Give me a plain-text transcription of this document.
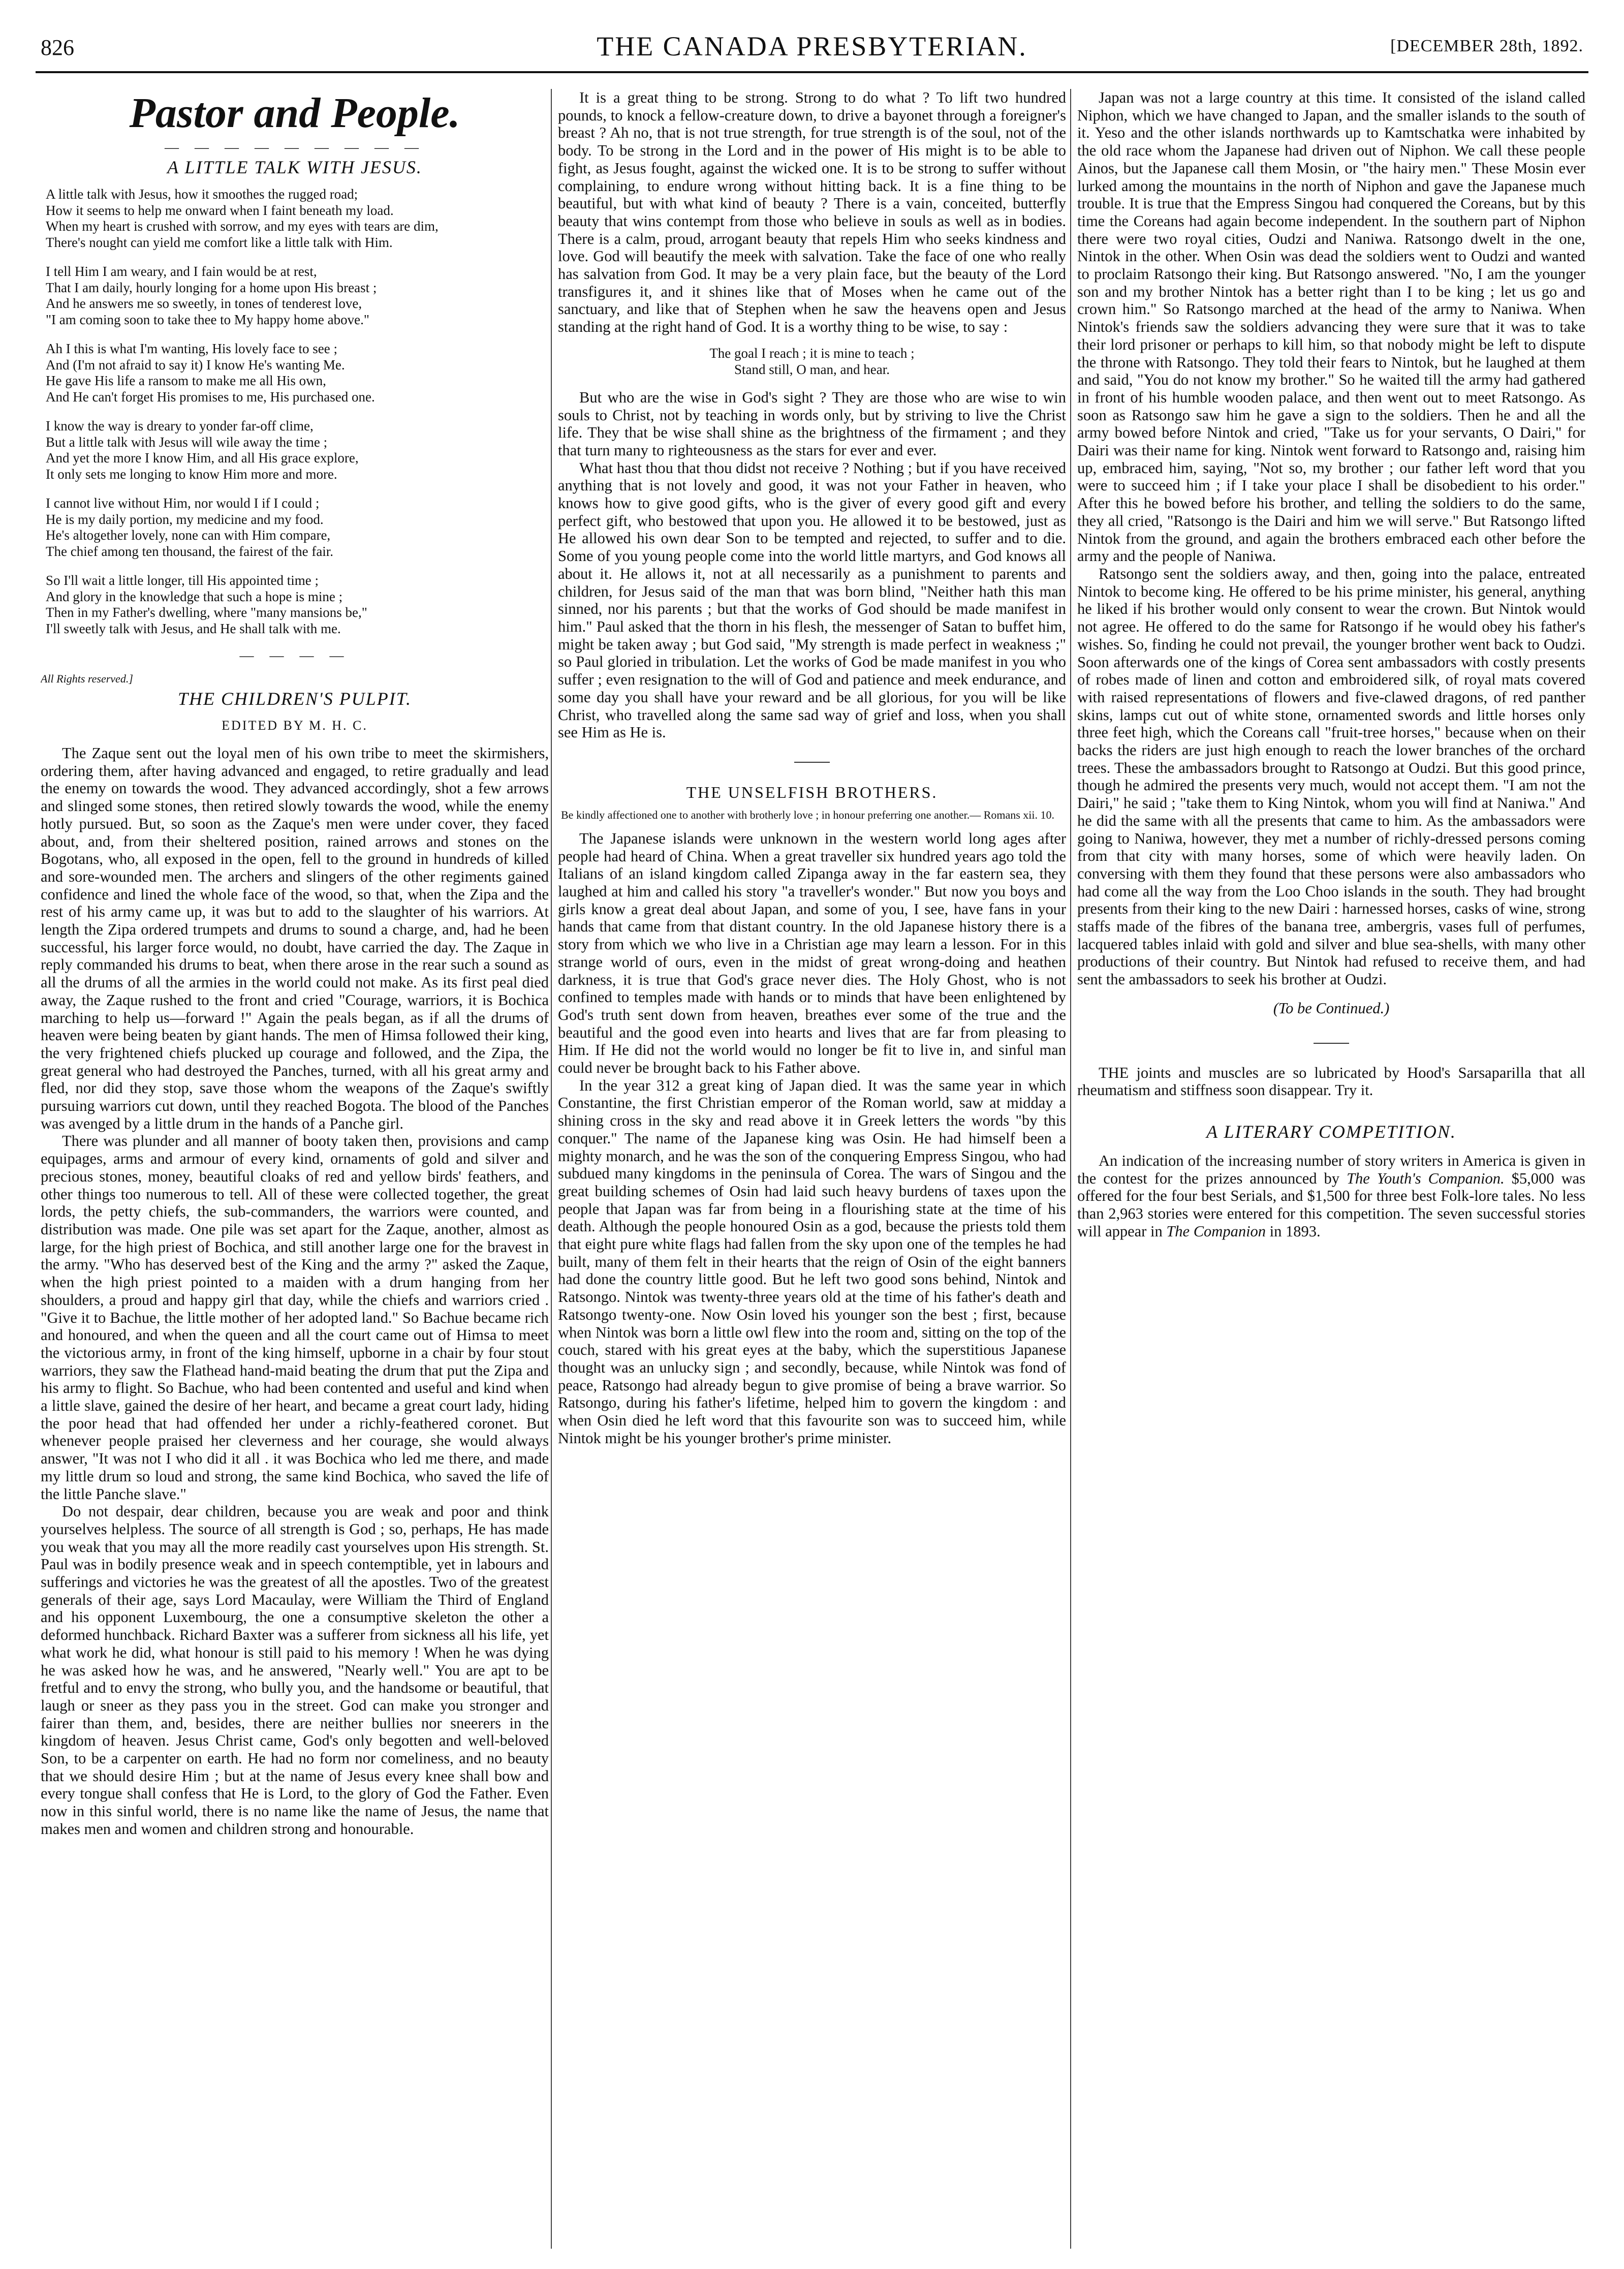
826	THE CANADA PRESBYTERIAN.	[DECEMBER 28th, 1892.
Pastor and People.
— — — — — — — — —
A LITTLE TALK WITH JESUS.
A little talk with Jesus, how it smoothes the rugged road;
How it seems to help me onward when I faint beneath my load.
When my heart is crushed with sorrow, and my eyes with tears are dim,
There's nought can yield me comfort like a little talk with Him.
I tell Him I am weary, and I fain would be at rest,
That I am daily, hourly longing for a home upon His breast ;
And he answers me so sweetly, in tones of tenderest love,
"I am coming soon to take thee to My happy home above."
Ah I this is what I'm wanting, His lovely face to see ;
And (I'm not afraid to say it) I know He's wanting Me.
He gave His life a ransom to make me all His own,
And He can't forget His promises to me, His purchased one.
I know the way is dreary to yonder far-off clime,
But a little talk with Jesus will wile away the time ;
And yet the more I know Him, and all His grace explore,
It only sets me longing to know Him more and more.
I cannot live without Him, nor would I if I could ;
He is my daily portion, my medicine and my food.
He's altogether lovely, none can with Him compare,
The chief among ten thousand, the fairest of the fair.
So I'll wait a little longer, till His appointed time ;
And glory in the knowledge that such a hope is mine ;
Then in my Father's dwelling, where "many mansions be,"
I'll sweetly talk with Jesus, and He shall talk with me.
— — — —
All Rights reserved.]
THE CHILDREN'S PULPIT.
EDITED BY M. H. C.

The Zaque sent out the loyal men of his own tribe to meet the skirmishers, ordering them, after having advanced and engaged, to retire gradually and lead the enemy on towards the wood. They advanced accordingly, shot a few arrows and slinged some stones, then retired slowly towards the wood, while the enemy hotly pursued. But, so soon as the Zaque's men were under cover, they faced about, and, from their sheltered position, rained arrows and stones on the Bogotans, who, all exposed in the open, fell to the ground in hundreds of killed and sore-wounded men. The archers and slingers of the other regiments gained confidence and lined the whole face of the wood, so that, when the Zipa and the rest of his army came up, it was but to add to the slaughter of his warriors. At length the Zipa ordered trumpets and drums to sound a charge, and, had he been successful, his larger force would, no doubt, have carried the day. The Zaque in reply commanded his drums to beat, when there arose in the rear such a sound as all the drums of all the armies in the world could not make. As its first peal died away, the Zaque rushed to the front and cried "Courage, warriors, it is Bochica marching to help us—forward !" Again the peals began, as if all the drums of heaven were being beaten by giant hands. The men of Himsa followed their king, the very frightened chiefs plucked up courage and followed, and the Zipa, the great general who had destroyed the Panches, turned, with all his great army and fled, nor did they stop, save those whom the weapons of the Zaque's swiftly pursuing warriors cut down, until they reached Bogota. The blood of the Panches was avenged by a little drum in the hands of a Panche girl.

There was plunder and all manner of booty taken then, provisions and camp equipages, arms and armour of every kind, ornaments of gold and silver and precious stones, money, beautiful cloaks of red and yellow birds' feathers, and other things too numerous to tell. All of these were collected together, the great lords, the petty chiefs, the sub-commanders, the warriors were counted, and distribution was made. One pile was set apart for the Zaque, another, almost as large, for the high priest of Bochica, and still another large one for the bravest in the army. "Who has deserved best of the King and the army ?" asked the Zaque, when the high priest pointed to a maiden with a drum hanging from her shoulders, a proud and happy girl that day, while the chiefs and warriors cried . "Give it to Bachue, the little mother of her adopted land." So Bachue became rich and honoured, and when the queen and all the court came out of Himsa to meet the victorious army, in front of the king himself, upborne in a chair by four stout warriors, they saw the Flathead hand-maid beating the drum that put the Zipa and his army to flight. So Bachue, who had been contented and useful and kind when a little slave, gained the desire of her heart, and became a great court lady, hiding the poor head that had offended her under a richly-feathered coronet. But whenever people praised her cleverness and her courage, she would always answer, "It was not I who did it all . it was Bochica who led me there, and made my little drum so loud and strong, the same kind Bochica, who saved the life of the little Panche slave."

Do not despair, dear children, because you are weak and poor and think yourselves helpless. The source of all strength is God ; so, perhaps, He has made you weak that you may all the more readily cast yourselves upon His strength. St. Paul was in bodily presence weak and in speech contemptible, yet in labours and sufferings and victories he was the greatest of all the apostles. Two of the greatest generals of their age, says Lord Macaulay, were William the Third of England and his opponent Luxembourg, the one a consumptive skeleton the other a deformed hunchback. Richard Baxter was a sufferer from sickness all his life, yet what work he did, what honour is still paid to his memory ! When he was dying he was asked how he was, and he answered, "Nearly well." You are apt to be fretful and to envy the strong, who bully you, and the handsome or beautiful, that laugh or sneer as they pass you in the street. God can make you stronger and fairer than them, and, besides, there are neither bullies nor sneerers in the kingdom of heaven. Jesus Christ came, God's only begotten and well-beloved Son, to be a carpenter on earth. He had no form nor comeliness, and no beauty that we should desire Him ; but at the name of Jesus every knee shall bow and every tongue shall confess that He is Lord, to the glory of God the Father. Even now in this sinful world, there is no name like the name of Jesus, the name that makes men and women and children strong and honourable.

It is a great thing to be strong. Strong to do what ? To lift two hundred pounds, to knock a fellow-creature down, to drive a bayonet through a foreigner's breast ? Ah no, that is not true strength, for true strength is of the soul, not of the body. To be strong in the Lord and in the power of His might is to be able to fight, as Jesus fought, against the wicked one. It is to be strong to suffer without complaining, to endure wrong without hitting back. It is a fine thing to be beautiful, but with what kind of beauty ? There is a vain, conceited, butterfly beauty that wins contempt from those who believe in souls as well as in bodies. There is a calm, proud, arrogant beauty that repels Him who seeks kindness and love. God will beautify the meek with salvation. Take the face of one who really has salvation from God. It may be a very plain face, but the beauty of the Lord transfigures it, and it shines like that of Moses when he came out of the sanctuary, and like that of Stephen when he saw the heavens open and Jesus standing at the right hand of God. It is a worthy thing to be wise, to say :

The goal I reach ; it is mine to teach ;
Stand still, O man, and hear.

But who are the wise in God's sight ? They are those who are wise to win souls to Christ, not by teaching in words only, but by striving to live the Christ life. They that be wise shall shine as the brightness of the firmament ; and they that turn many to righteousness as the stars for ever and ever.

What hast thou that thou didst not receive ? Nothing ; but if you have received anything that is not lovely and good, it was not your Father in heaven, who knows how to give good gifts, who is the giver of every good gift and every perfect gift, who bestowed that upon you. He allowed it to be bestowed, just as He allowed his own dear Son to be tempted and rejected, to suffer and to die. Some of you young people come into the world little martyrs, and God knows all about it. He allows it, not at all necessarily as a punishment to parents and children, for Jesus said of the man that was born blind, "Neither hath this man sinned, nor his parents ; but that the works of God should be made manifest in him." Paul asked that the thorn in his flesh, the messenger of Satan to buffet him, might be taken away ; but God said, "My strength is made perfect in weakness ;" so Paul gloried in tribulation. Let the works of God be made manifest in you who suffer ; even resignation to the will of God and patience and meek endurance, and some day you shall have your reward and be all glorious, for you will be like Christ, who travelled along the same sad way of grief and loss, when you shall see Him as He is.

THE UNSELFISH BROTHERS.
Be kindly affectioned one to another with brotherly love ; in honour preferring one another.— Romans xii. 10.

The Japanese islands were unknown in the western world long ages after people had heard of China. When a great traveller six hundred years ago told the Italians of an island kingdom called Zipanga away in the far eastern sea, they laughed at him and called his story "a traveller's wonder." But now you boys and girls know a great deal about Japan, and some of you, I see, have fans in your hands that came from that distant country. In the old Japanese history there is a story from which we who live in a Christian age may learn a lesson. For in this strange world of ours, even in the midst of great wrong-doing and heathen darkness, it is true that God's grace never dies. The Holy Ghost, who is not confined to temples made with hands or to minds that have been enlightened by God's truth sent down from heaven, breathes ever some of the true and the beautiful and the good even into hearts and lives that are far from pleasing to Him. If He did not the world would no longer be fit to live in, and sinful man could never be brought back to his Father above.

In the year 312 a great king of Japan died. It was the same year in which Constantine, the first Christian emperor of the Roman world, saw at midday a shining cross in the sky and read above it in Greek letters the words "by this conquer." The name of the Japanese king was Osin. He had himself been a mighty monarch, and he was the son of the conquering Empress Singou, who had subdued many kingdoms in the peninsula of Corea. The wars of Singou and the great building schemes of Osin had laid such heavy burdens of taxes upon the people that Japan was far from being in a flourishing state at the time of his death. Although the people honoured Osin as a god, because the priests told them that eight pure white flags had fallen from the sky upon one of the temples he had built, many of them felt in their hearts that the reign of Osin of the eight banners had done the country little good. But he left two good sons behind, Nintok and Ratsongo. Nintok was twenty-three years old at the time of his father's death and Ratsongo twenty-one. Now Osin loved his younger son the best ; first, because when Nintok was born a little owl flew into the room and, sitting on the top of the couch, stared with his great eyes at the baby, which the superstitious Japanese thought was an unlucky sign ; and secondly, because, while Nintok was fond of peace, Ratsongo had already begun to give promise of being a brave warrior. So Ratsongo, during his father's lifetime, helped him to govern the kingdom : and when Osin died he left word that this favourite son was to succeed him, while Nintok might be his younger brother's prime minister.

Japan was not a large country at this time. It consisted of the island called Niphon, which we have changed to Japan, and the smaller islands to the south of it. Yeso and the other islands northwards up to Kamtschatka were inhabited by the old race whom the Japanese had driven out of Niphon. We call these people Ainos, but the Japanese call them Mosin, or "the hairy men." These Mosin ever lurked among the mountains in the north of Niphon and gave the Japanese much trouble. It is true that the Empress Singou had conquered the Coreans, but by this time the Coreans had again become independent. In the southern part of Niphon there were two royal cities, Oudzi and Naniwa. Ratsongo dwelt in the one, Nintok in the other. When Osin was dead the soldiers went to Oudzi and wanted to proclaim Ratsongo their king. But Ratsongo answered. "No, I am the younger son and my brother Nintok has a better right than I to be king ; let us go and crown him." So Ratsongo marched at the head of the army to Naniwa. When Nintok's friends saw the soldiers advancing they were sure that it was to take their lord prisoner or perhaps to kill him, so that nobody might be left to dispute the throne with Ratsongo. They told their fears to Nintok, but he laughed at them and said, "You do not know my brother." So he waited till the army had gathered in front of his humble wooden palace, and then went out to meet Ratsongo. As soon as Ratsongo saw him he gave a sign to the soldiers. Then he and all the army bowed before Nintok and cried, "Take us for your servants, O Dairi," for Dairi was their name for king. Nintok went forward to Ratsongo and, raising him up, embraced him, saying, "Not so, my brother ; our father left word that you were to succeed him ; if I take your place I shall be disobedient to his order." After this he bowed before his brother, and telling the soldiers to do the same, they all cried, "Ratsongo is the Dairi and him we will serve." But Ratsongo lifted Nintok from the ground, and again the brothers embraced each other before the army and the people of Naniwa.

Ratsongo sent the soldiers away, and then, going into the palace, entreated Nintok to become king. He offered to be his prime minister, his general, anything he liked if his brother would only consent to wear the crown. But Nintok would not agree. He offered to do the same for Ratsongo if he would obey his father's wishes. So, finding he could not prevail, the younger brother went back to Oudzi. Soon afterwards one of the kings of Corea sent ambassadors with costly presents of robes made of linen and cotton and embroidered silk, of royal mats covered with raised representations of flowers and five-clawed dragons, of red panther skins, lamps cut out of white stone, ornamented swords and little horses only three feet high, which the Coreans call "fruit-tree horses," because when on their backs the riders are just high enough to reach the lower branches of the orchard trees. These the ambassadors brought to Ratsongo at Oudzi. But this good prince, though he admired the presents very much, would not accept them. "I am not the Dairi," he said ; "take them to King Nintok, whom you will find at Naniwa." And he did the same with all the presents that came to him. As the ambassadors were going to Naniwa, however, they met a number of richly-dressed persons coming from that city with many horses, some of which were heavily laden. On conversing with them they found that these persons were also ambassadors who had come all the way from the Loo Choo islands in the south. They had brought presents from their king to the new Dairi : harnessed horses, casks of wine, strong staffs made of the fibres of the banana tree, ambergris, vases full of perfumes, lacquered tables inlaid with gold and silver and blue sea-shells, with many other productions of their country. But Nintok had refused to receive them, and had sent the ambassadors to seek his brother at Oudzi.

(To be Continued.)

THE joints and muscles are so lubricated by Hood's Sarsaparilla that all rheumatism and stiffness soon disappear. Try it.

A LITERARY COMPETITION.

An indication of the increasing number of story writers in America is given in the contest for the prizes announced by The Youth's Companion. $5,000 was offered for the four best Serials, and $1,500 for three best Folk-lore tales. No less than 2,963 stories were entered for this competition. The seven successful stories will appear in The Companion in 1893.
